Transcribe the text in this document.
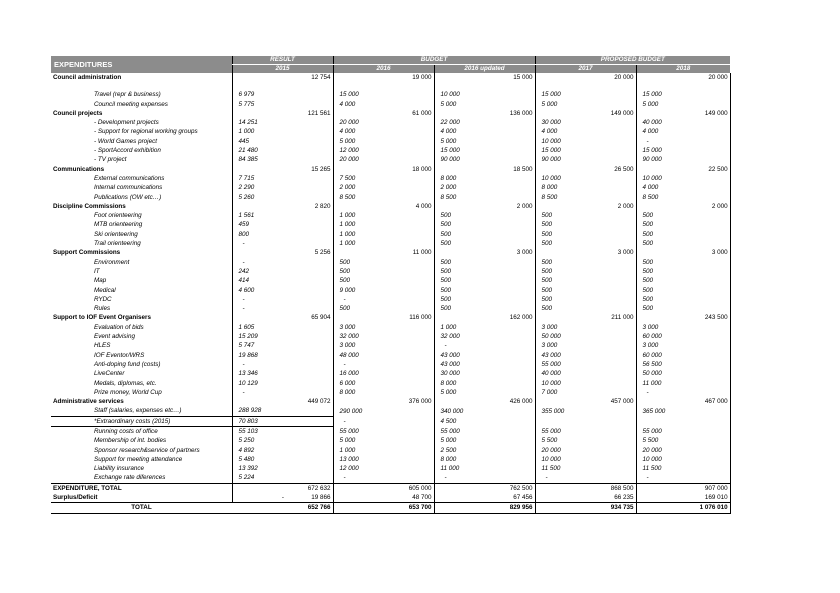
EXPENDITURES	RESULT		BUDGET				PROPOSED BUDGET			
	2015		2016		2016 updated		2017		2018	
Council administration		12 754		19 000		15 000		20 000		20 000

Travel (repr & business)	6 979		15 000		10 000		15 000		15 000	
Council meeting expenses	5 775		4 000		5 000		5 000		5 000	
Council projects		121 561		61 000		136 000		149 000		149 000
- Development projects	14 251		20 000		22 000		30 000		40 000	
- Support for regional working groups	1 000		4 000		4 000		4 000		4 000	
- World Games project	445		5 000		5 000		10 000		-	
- SportAccord exhibition	21 480		12 000		15 000		15 000		15 000	
- TV project	84 385		20 000		90 000		90 000		90 000	
Communications		15 265		18 000		18 500		26 500		22 500
External communications	7 715		7 500		8 000		10 000		10 000	
Internal communications	2 290		2 000		2 000		8 000		4 000	
Publications (OW etc…)	5 260		8 500		8 500		8 500		8 500	
Discipline Commissions		2 820		4 000		2 000		2 000		2 000
Foot orienteering	1 561		1 000		500		500		500	
MTB orienteering	459		1 000		500		500		500	
Ski orienteering	800		1 000		500		500		500	
Trail orienteering	-		1 000		500		500		500	
Support Commissions		5 256		11 000		3 000		3 000		3 000
Environment	-		500		500		500		500	
IT	242		500		500		500		500	
Map	414		500		500		500		500	
Medical	4 600		9 000		500		500		500	
RYDC	-		-		500		500		500	
Rules	-		500		500		500		500	
Support to IOF Event Organisers		65 904		116 000		162 000		211 000		243 500
Evaluation of bids	1 605		3 000		1 000		3 000		3 000	
Event advising	15 209		32 000		32 000		50 000		60 000	
HLES	5 747		3 000		-		3 000		3 000	
IOF Eventor/WRS	19 868		48 000		43 000		43 000		60 000	
Anti-doping fund (costs)	-		-		43 000		55 000		56 500	
LiveCenter	13 346		16 000		30 000		40 000		50 000	
Medals, diplomas, etc.	10 129		6 000		8 000		10 000		11 000	
Prize money, World Cup	-		8 000		5 000		7 000		-	
Administrative services		449 072		376 000		426 000		457 000		467 000
Staff (salaries, expenses etc…)	288 928		290 000		340 000		355 000		365 000	
*Extraordinary costs (2015)	70 803		-		4 500					
Running costs of office	55 103		55 000		55 000		55 000		55 000	
Membership of int. bodies	5 250		5 000		5 000		5 500		5 500	
Sponsor research&service of partners	4 892		1 000		2 500		20 000		20 000	
Support for meeting attendance	5 480		13 000		8 000		10 000		10 000	
Liability insurance	13 392		12 000		11 000		11 500		11 500	
Exchange rate diferences	5 224		-		-		-		-	
EXPENDITURE, TOTAL		672 632		605 000		762 500		868 500		907 000
Surplus/Deficit	-	19 866		48 700		67 456		66 235		169 010
TOTAL		652 766		653 700		829 956		934 735		1 076 010
